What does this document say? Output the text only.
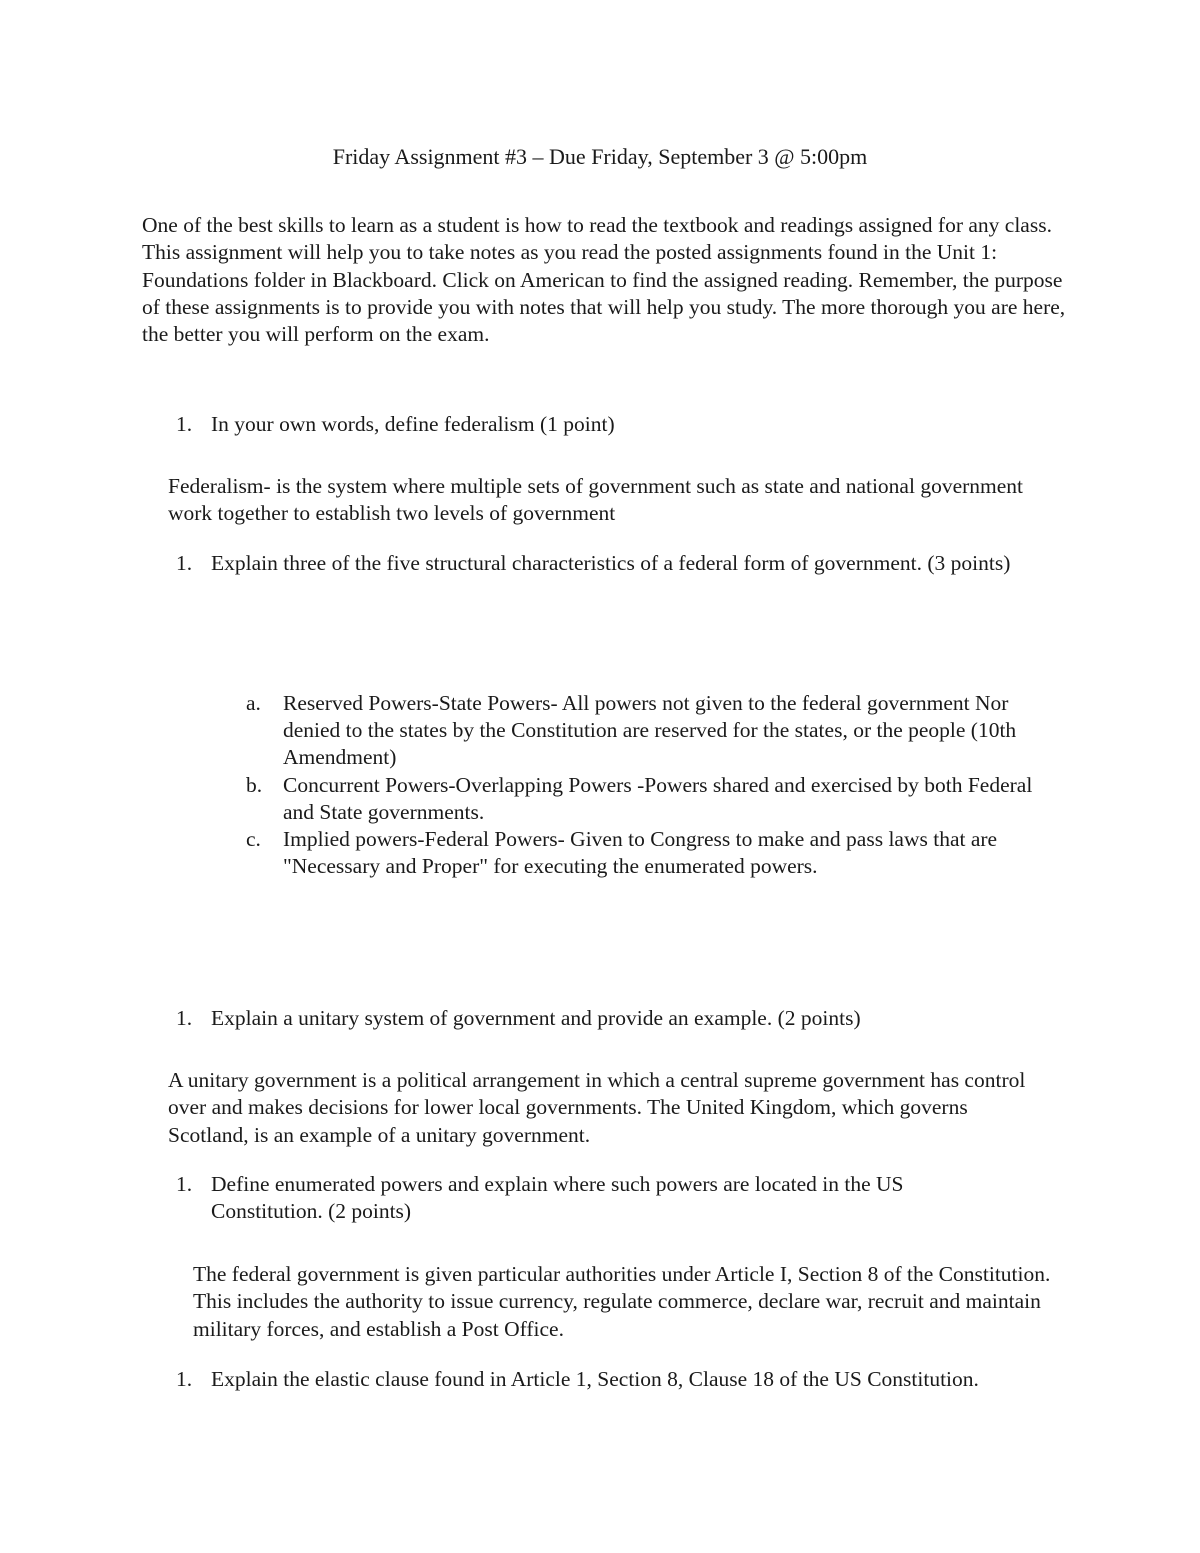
Friday Assignment #3 – Due Friday, September 3 @ 5:00pm
One of the best skills to learn as a student is how to read the textbook and readings assigned for any class. This assignment will help you to take notes as you read the posted assignments found in the Unit 1: Foundations folder in Blackboard. Click on American to find the assigned reading. Remember, the purpose of these assignments is to provide you with notes that will help you study. The more thorough you are here, the better you will perform on the exam.
1. In your own words, define federalism (1 point)
Federalism- is the system where multiple sets of government such as state and national government work together to establish two levels of government
1. Explain three of the five structural characteristics of a federal form of government. (3 points)
a.	Reserved Powers-State Powers- All powers not given to the federal government Nor denied to the states by the Constitution are reserved for the states, or the people (10th Amendment)
b. Concurrent Powers-Overlapping Powers -Powers shared and exercised by both Federal and State governments.
c.	Implied powers-Federal Powers- Given to Congress to make and pass laws that are "Necessary and Proper" for executing the enumerated powers.
1. Explain a unitary system of government and provide an example. (2 points)
A unitary government is a political arrangement in which a central supreme government has control over and makes decisions for lower local governments. The United Kingdom, which governs Scotland, is an example of a unitary government.
1. Define enumerated powers and explain where such powers are located in the US Constitution. (2 points)
The federal government is given particular authorities under Article I, Section 8 of the Constitution. This includes the authority to issue currency, regulate commerce, declare war, recruit and maintain military forces, and establish a Post Office.
1. Explain the elastic clause found in Article 1, Section 8, Clause 18 of the US Constitution.
